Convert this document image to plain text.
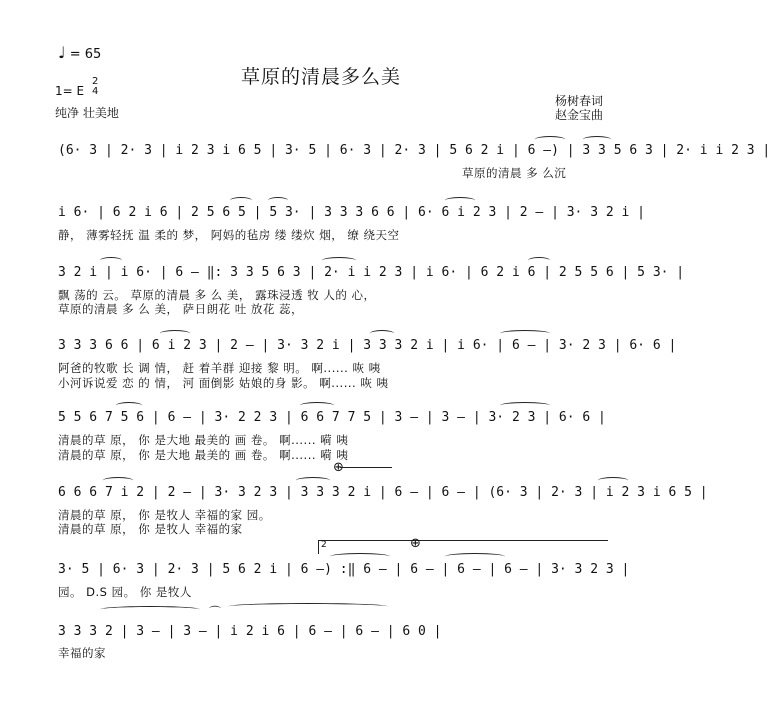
♩ = 65
草原的清晨多么美
1= E
2
4
纯净 壮美地
杨树春词
赵金宝曲
(6· 3 | 2· 3 | i 2 3 i 6 5 | 3· 5 | 6· 3 | 2· 3 | 5 6 2 i | 6 —) | 3 3 5 6 3 | 2· i i 2 3 |
草原的清晨 多 么沉
i 6· | 6 2 i 6 | 2 5 6 5 | 5 3· | 3 3 3 6 6 | 6· 6 i 2 3 | 2 — | 3· 3 2 i |
静， 薄雾轻抚 温 柔的 梦， 阿妈的毡房 缕 缕炊 烟， 缭 绕天空
3 2 i | i 6· | 6 — ‖: 3 3 5 6 3 | 2· i i 2 3 | i 6· | 6 2 i 6 | 2 5 5 6 | 5 3· |
飘 荡的 云。 草原的清晨 多 么 美， 露珠浸透 牧 人的 心，
草原的清晨 多 么 美， 萨日朗花 吐 放花 蕊，
3 3 3 6 6 | 6 i 2 3 | 2 — | 3· 3 2 i | 3 3 3 2 i | i 6· | 6 — | 3· 2 3 | 6· 6 |
阿爸的牧歌 长 调 情， 赶 着羊群 迎接 黎 明。 啊...... 咴 咦
小河诉说爱 恋 的 情， 河 面倒影 姑娘的身 影。 啊...... 咴 咦
5 5 6 7 5 6 | 6 — | 3· 2 2 3 | 6 6 7 7 5 | 3 — | 3 — | 3· 2 3 | 6· 6 |
清晨的草 原， 你 是大地 最美的 画 卷。 啊...... 嗬 咦
清晨的草 原， 你 是大地 最美的 画 卷。 啊...... 嗬 咦
⊕
6 6 6 7 i 2 | 2 — | 3· 3 2 3 | 3 3 3 2 i | 6 — | 6 — | (6· 3 | 2· 3 | i 2 3 i 6 5 |
清晨的草 原， 你 是牧人 幸福的家 园。
清晨的草 原， 你 是牧人 幸福的家
2	⊕
3· 5 | 6· 3 | 2· 3 | 5 6 2 i | 6 —) :‖ 6 — | 6 — | 6 — | 6 — | 3· 3 2 3 |
园。 D.S 园。 你 是牧人
⌒
3 3 3 2 | 3 — | 3 — | i 2 i 6 | 6 — | 6 — | 6 0 |
幸福的家
